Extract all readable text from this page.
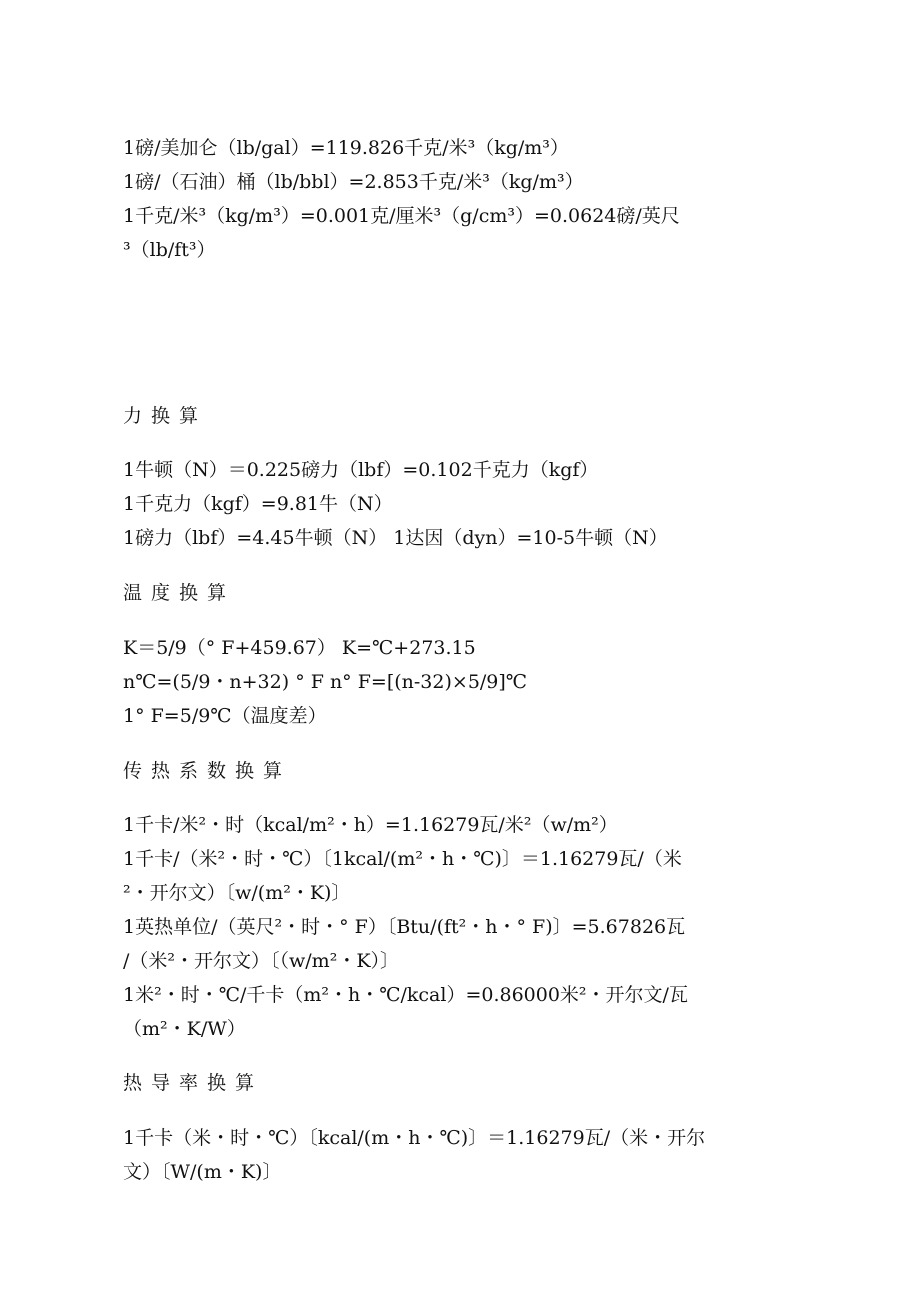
1磅/美加仑（lb/gal）=119.826千克/米³（kg/m³）
1磅/（石油）桶（lb/bbl）=2.853千克/米³（kg/m³）
1千克/米³（kg/m³）=0.001克/厘米³（g/cm³）=0.0624磅/英尺
³（lb/ft³）
力换算
1牛顿（N）＝0.225磅力（lbf）=0.102千克力（kgf）
1千克力（kgf）=9.81牛（N）
1磅力（lbf）=4.45牛顿（N） 1达因（dyn）=10-5牛顿（N）
温度换算
K＝5/9（° F+459.67） K=℃+273.15
n℃=(5/9・n+32) ° F n° F=[(n-32)×5/9]℃
1° F=5/9℃（温度差）
传热系数换算
1千卡/米²・时（kcal/m²・h）=1.16279瓦/米²（w/m²）
1千卡/（米²・时・℃）〔1kcal/(m²・h・℃)〕＝1.16279瓦/（米
²・开尔文）〔w/(m²・K)〕
1英热单位/（英尺²・时・° F）〔Btu/(ft²・h・° F)〕=5.67826瓦
/（米²・开尔文）〔（w/m²・K）〕
1米²・时・℃/千卡（m²・h・℃/kcal）=0.86000米²・开尔文/瓦
（m²・K/W）
热导率换算
1千卡（米・时・℃）〔kcal/(m・h・℃)〕＝1.16279瓦/（米・开尔
文）〔W/(m・K)〕
